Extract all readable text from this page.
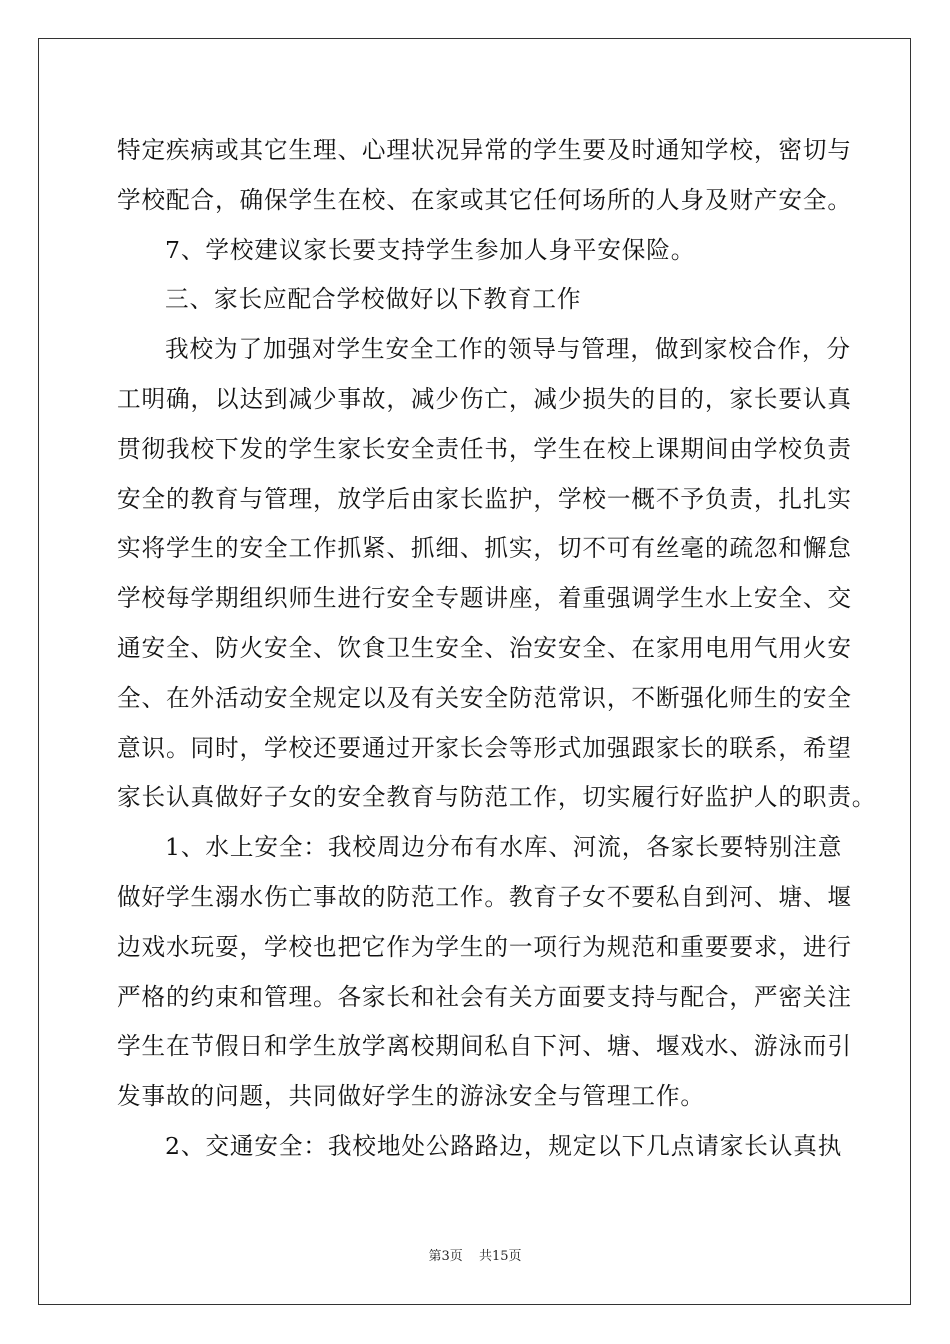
特定疾病或其它生理、心理状况异常的学生要及时通知学校，密切与
学校配合，确保学生在校、在家或其它任何场所的人身及财产安全。
7、学校建议家长要支持学生参加人身平安保险。
三、家长应配合学校做好以下教育工作
我校为了加强对学生安全工作的领导与管理，做到家校合作，分
工明确，以达到减少事故，减少伤亡，减少损失的目的，家长要认真
贯彻我校下发的学生家长安全责任书，学生在校上课期间由学校负责
安全的教育与管理，放学后由家长监护，学校一概不予负责，扎扎实
实将学生的安全工作抓紧、抓细、抓实，切不可有丝毫的疏忽和懈怠
学校每学期组织师生进行安全专题讲座，着重强调学生水上安全、交
通安全、防火安全、饮食卫生安全、治安安全、在家用电用气用火安
全、在外活动安全规定以及有关安全防范常识，不断强化师生的安全
意识。同时，学校还要通过开家长会等形式加强跟家长的联系，希望
家长认真做好子女的安全教育与防范工作，切实履行好监护人的职责。
1、水上安全：我校周边分布有水库、河流，各家长要特别注意
做好学生溺水伤亡事故的防范工作。教育子女不要私自到河、塘、堰
边戏水玩耍，学校也把它作为学生的一项行为规范和重要要求，进行
严格的约束和管理。各家长和社会有关方面要支持与配合，严密关注
学生在节假日和学生放学离校期间私自下河、塘、堰戏水、游泳而引
发事故的问题，共同做好学生的游泳安全与管理工作。
2、交通安全：我校地处公路路边，规定以下几点请家长认真执
第3页 共15页
